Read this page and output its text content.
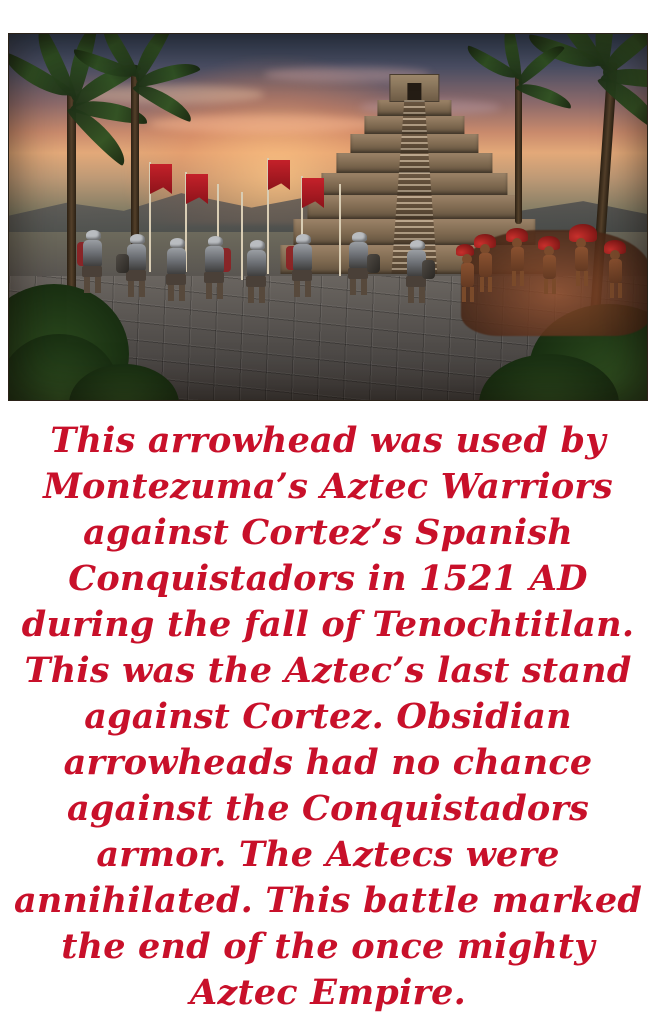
This arrowhead was used by Montezuma’s Aztec Warriors against Cortez’s Spanish Conquistadors in 1521 AD during the fall of Tenochtitlan. This was the Aztec’s last stand against Cortez. Obsidian arrowheads had no chance against the Conquistadors armor. The Aztecs were annihilated. This battle marked the end of the once mighty Aztec Empire.
